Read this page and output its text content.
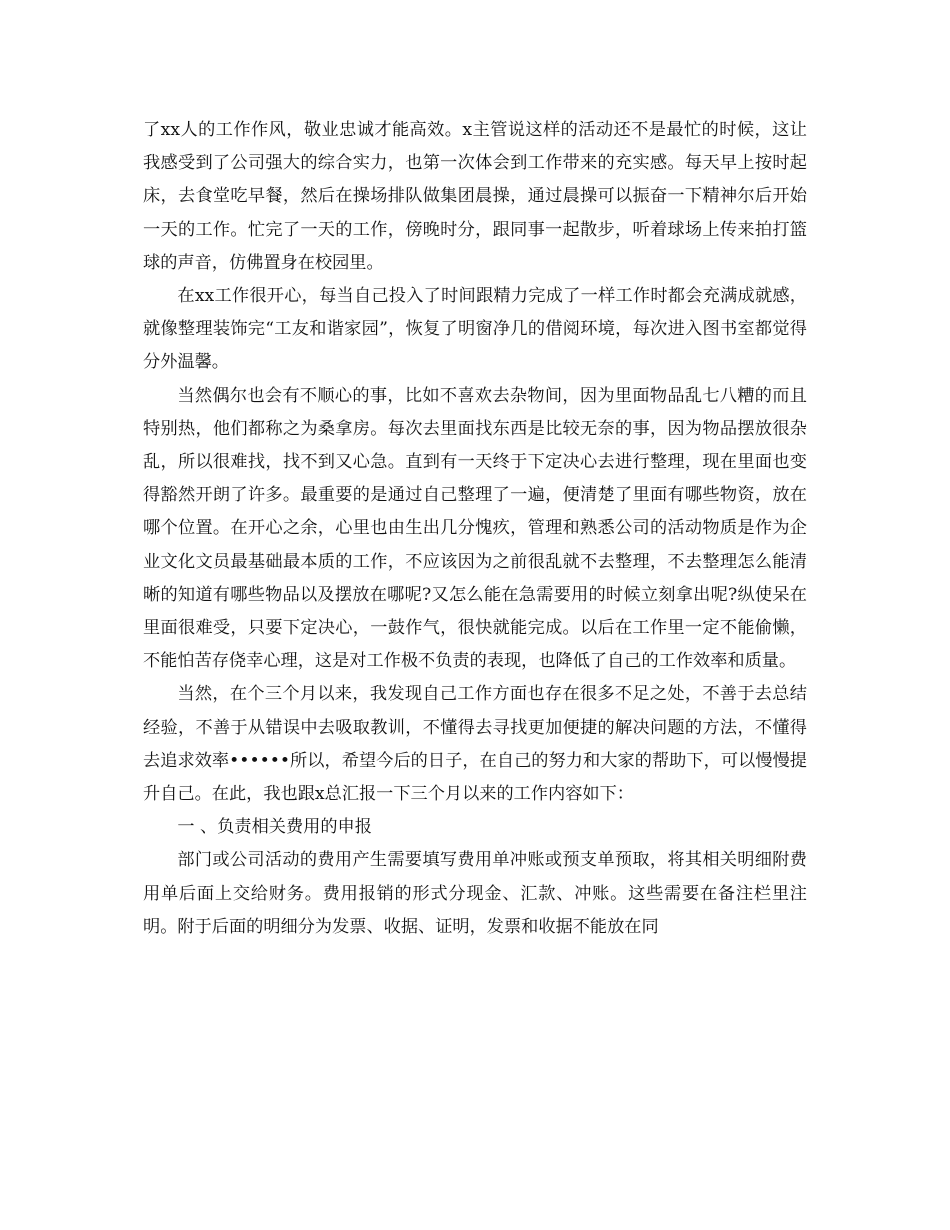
了xx人的工作作风，敬业忠诚才能高效。x主管说这样的活动还不是最忙的时候，这让我感受到了公司强大的综合实力，也第一次体会到工作带来的充实感。每天早上按时起床，去食堂吃早餐，然后在操场排队做集团晨操，通过晨操可以振奋一下精神尔后开始一天的工作。忙完了一天的工作，傍晚时分，跟同事一起散步，听着球场上传来拍打篮球的声音，仿佛置身在校园里。

在xx工作很开心，每当自己投入了时间跟精力完成了一样工作时都会充满成就感，就像整理装饰完“工友和谐家园”，恢复了明窗净几的借阅环境，每次进入图书室都觉得分外温馨。

当然偶尔也会有不顺心的事，比如不喜欢去杂物间，因为里面物品乱七八糟的而且特别热，他们都称之为桑拿房。每次去里面找东西是比较无奈的事，因为物品摆放很杂乱，所以很难找，找不到又心急。直到有一天终于下定决心去进行整理，现在里面也变得豁然开朗了许多。最重要的是通过自己整理了一遍，便清楚了里面有哪些物资，放在哪个位置。在开心之余，心里也由生出几分愧疚，管理和熟悉公司的活动物质是作为企业文化文员最基础最本质的工作，不应该因为之前很乱就不去整理，不去整理怎么能清晰的知道有哪些物品以及摆放在哪呢?又怎么能在急需要用的时候立刻拿出呢?纵使呆在里面很难受，只要下定决心，一鼓作气，很快就能完成。以后在工作里一定不能偷懒，不能怕苦存侥幸心理，这是对工作极不负责的表现，也降低了自己的工作效率和质量。

当然，在个三个月以来，我发现自己工作方面也存在很多不足之处，不善于去总结经验，不善于从错误中去吸取教训，不懂得去寻找更加便捷的解决问题的方法，不懂得去追求效率••••••所以，希望今后的日子，在自己的努力和大家的帮助下，可以慢慢提升自己。在此，我也跟x总汇报一下三个月以来的工作内容如下：

一 、负责相关费用的申报

部门或公司活动的费用产生需要填写费用单冲账或预支单预取，将其相关明细附费用单后面上交给财务。费用报销的形式分现金、汇款、冲账。这些需要在备注栏里注明。附于后面的明细分为发票、收据、证明，发票和收据不能放在同
